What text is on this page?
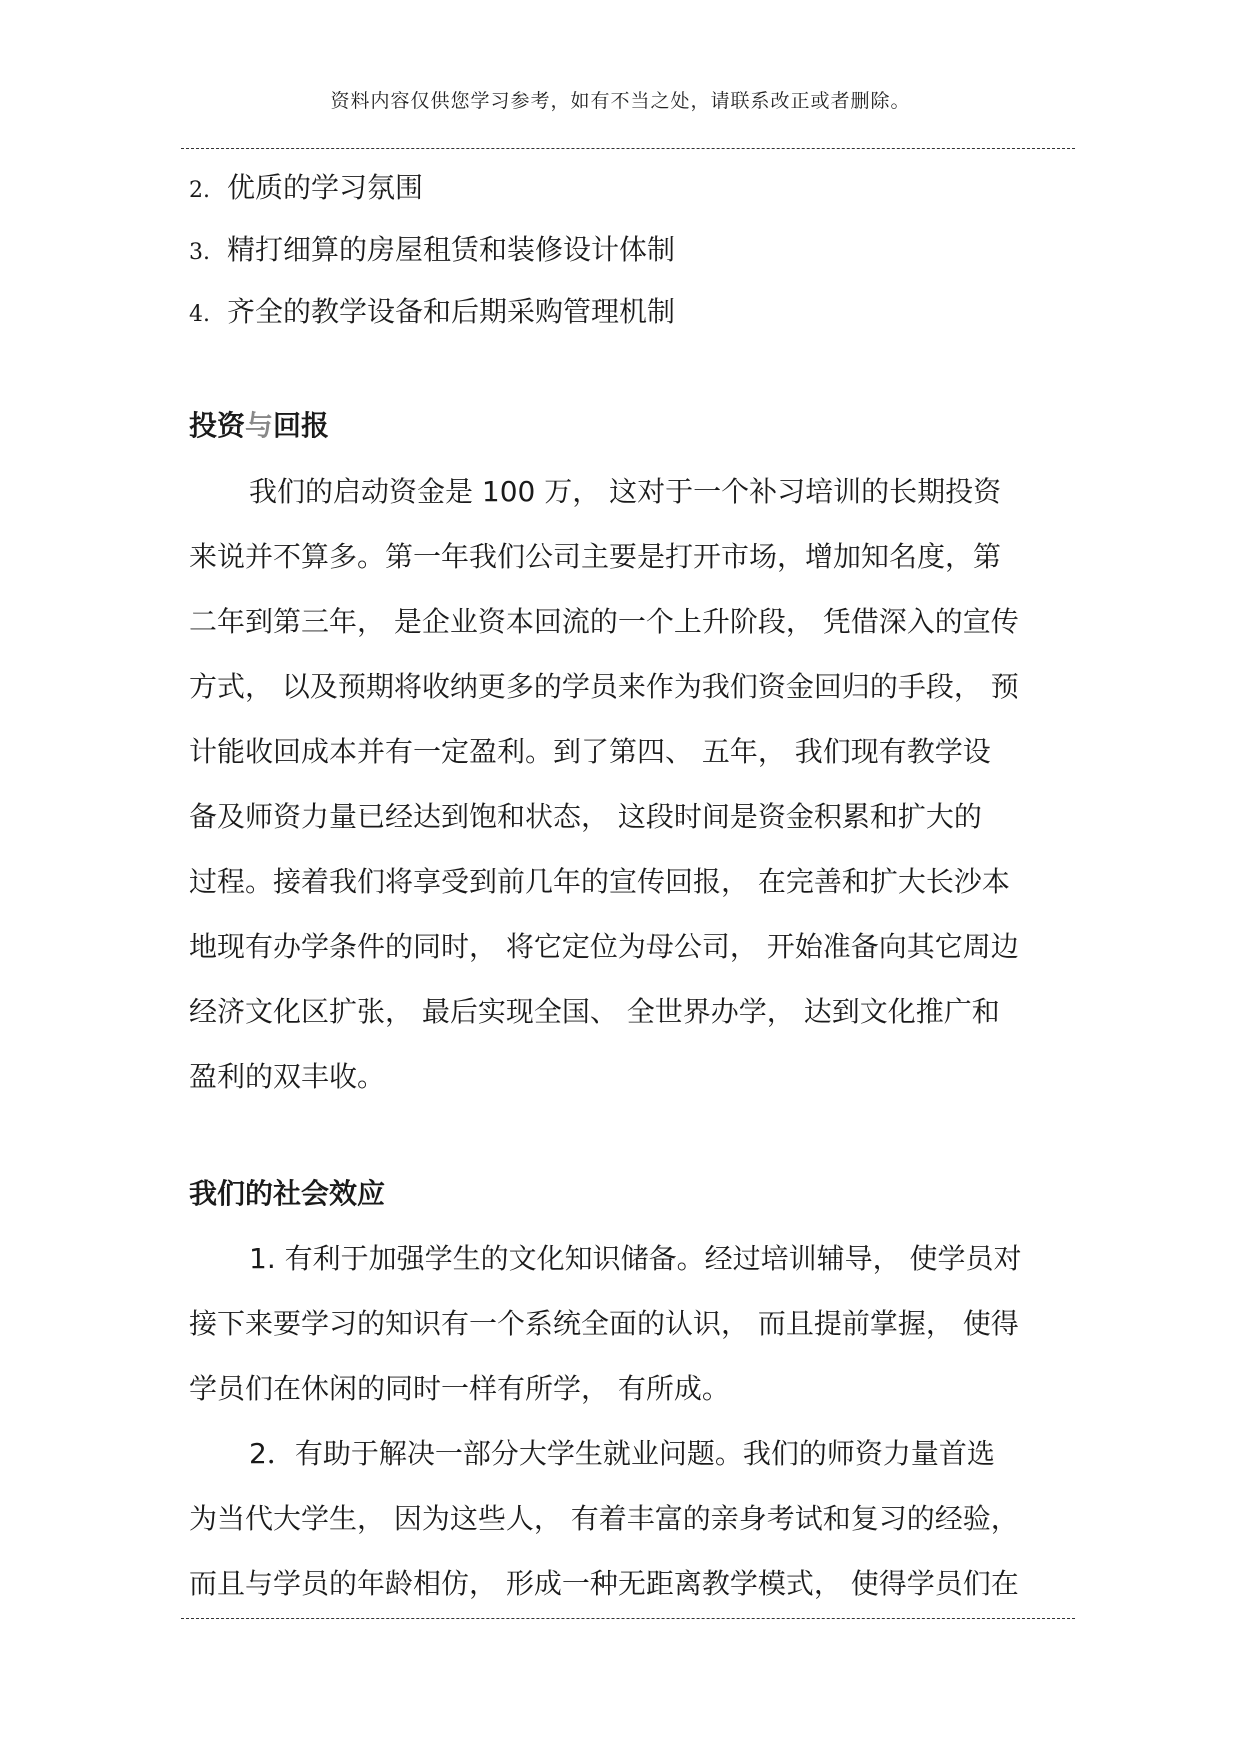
资料内容仅供您学习参考，如有不当之处，请联系改正或者删除。
2. 优质的学习氛围
3. 精打细算的房屋租赁和装修设计体制
4. 齐全的教学设备和后期采购管理机制
投资与回报
我们的启动资金是 100 万， 这对于一个补习培训的长期投资
来说并不算多。第一年我们公司主要是打开市场，增加知名度，第
二年到第三年， 是企业资本回流的一个上升阶段， 凭借深入的宣传
方式， 以及预期将收纳更多的学员来作为我们资金回归的手段， 预
计能收回成本并有一定盈利。到了第四、 五年， 我们现有教学设
备及师资力量已经达到饱和状态， 这段时间是资金积累和扩大的
过程。接着我们将享受到前几年的宣传回报， 在完善和扩大长沙本
地现有办学条件的同时， 将它定位为母公司， 开始准备向其它周边
经济文化区扩张， 最后实现全国、 全世界办学， 达到文化推广和
盈利的双丰收。
我们的社会效应
1. 有利于加强学生的文化知识储备。经过培训辅导， 使学员对
接下来要学习的知识有一个系统全面的认识， 而且提前掌握， 使得
学员们在休闲的同时一样有所学， 有所成。
2．有助于解决一部分大学生就业问题。我们的师资力量首选
为当代大学生， 因为这些人， 有着丰富的亲身考试和复习的经验，
而且与学员的年龄相仿， 形成一种无距离教学模式， 使得学员们在
